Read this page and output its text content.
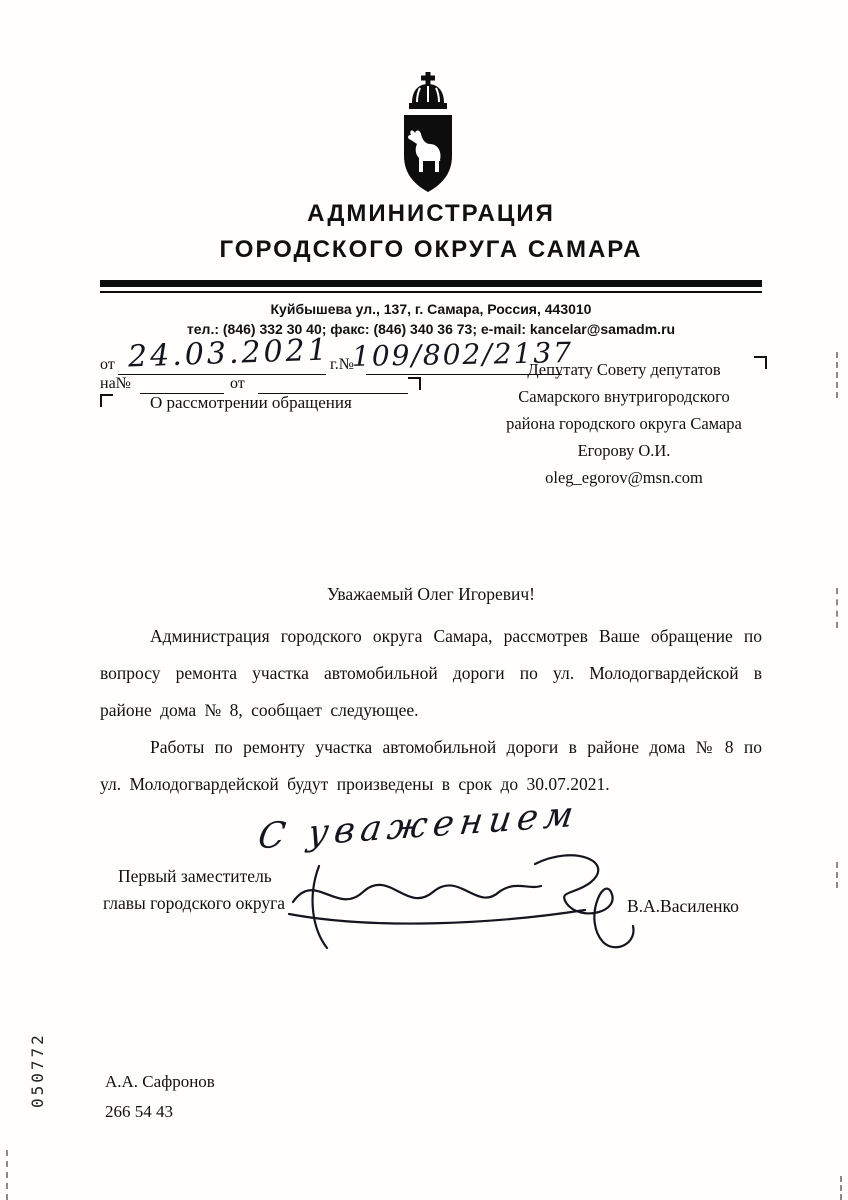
АДМИНИСТРАЦИЯ
ГОРОДСКОГО ОКРУГА САМАРА
Куйбышева ул., 137, г. Самара, Россия, 443010
тел.: (846) 332 30 40; факс: (846) 340 36 73; e-mail: kancelar@samadm.ru
от 24.03.2021 г.№
109/802/2137
на№	от
О рассмотрении обращения
Депутату Совету депутатов
Самарского внутригородского
района городского округа Самара
Егорову О.И.
oleg_egorov@msn.com
Уважаемый Олег Игоревич!

Администрация городского округа Самара, рассмотрев Ваше обращение по вопросу ремонта участка автомобильной дороги по ул. Молодогвардейской в районе дома № 8, сообщает следующее.

Работы по ремонту участка автомобильной дороги в районе дома № 8 по ул. Молодогвардейской будут произведены в срок до 30.07.2021.

С уважением
Первый заместитель
главы городского округа	В.А.Василенко
050772	А.А. Сафронов
266 54 43
